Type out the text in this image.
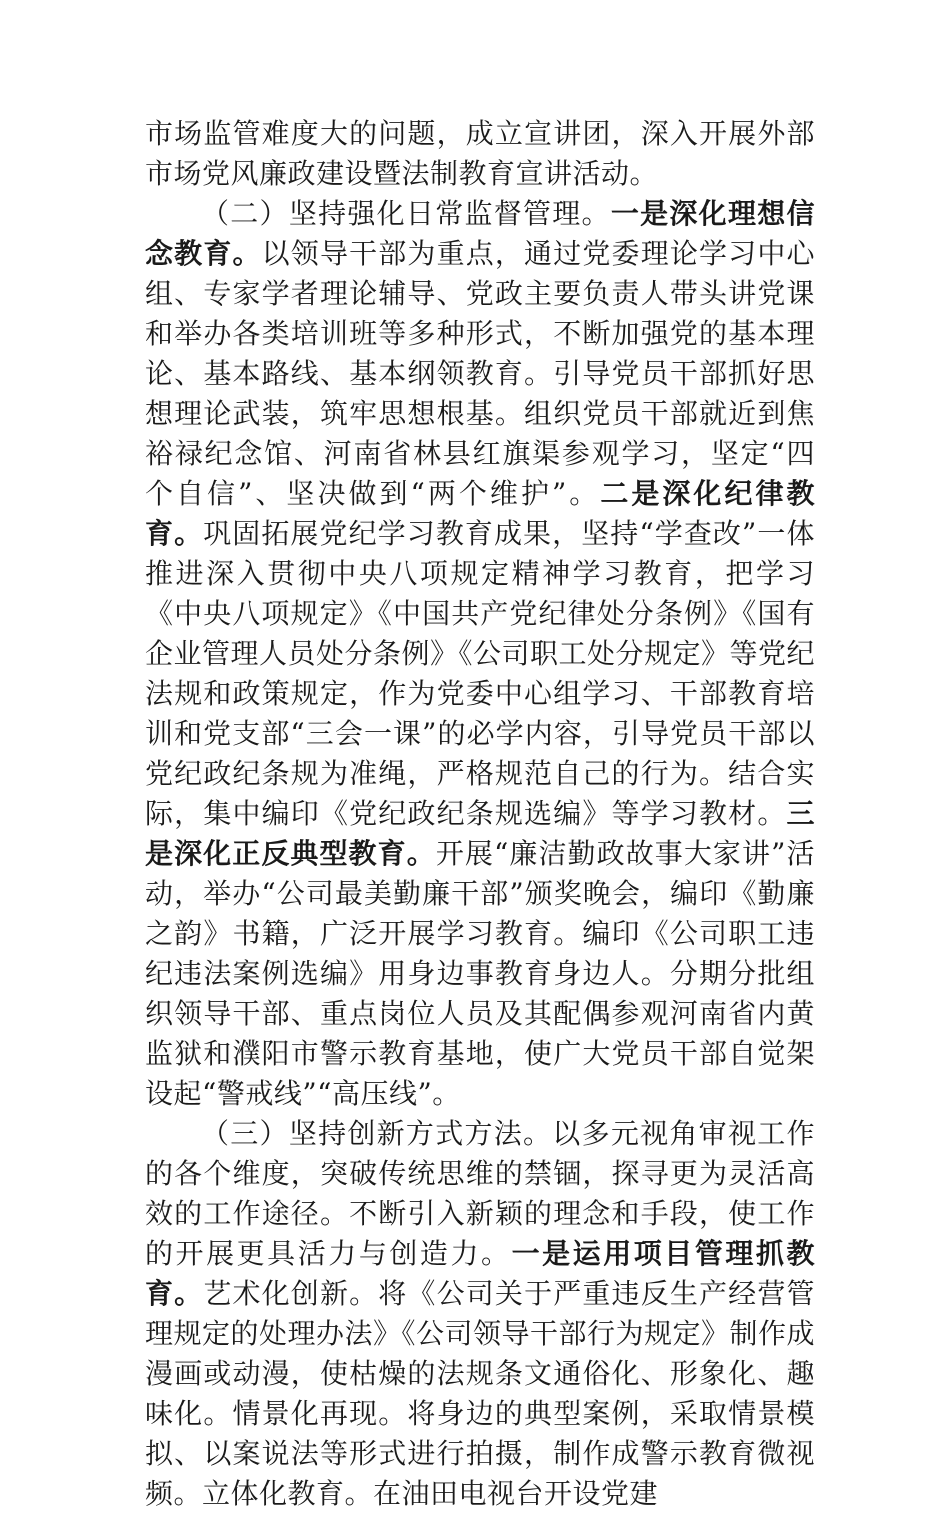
市场监管难度大的问题，成立宣讲团，深入开展外部市场党风廉政建设暨法制教育宣讲活动。

（二）坚持强化日常监督管理。一是深化理想信念教育。以领导干部为重点，通过党委理论学习中心组、专家学者理论辅导、党政主要负责人带头讲党课和举办各类培训班等多种形式，不断加强党的基本理论、基本路线、基本纲领教育。引导党员干部抓好思想理论武装，筑牢思想根基。组织党员干部就近到焦裕禄纪念馆、河南省林县红旗渠参观学习，坚定“四个自信”、坚决做到“两个维护”。二是深化纪律教育。巩固拓展党纪学习教育成果，坚持“学查改”一体推进深入贯彻中央八项规定精神学习教育，把学习《中央八项规定》《中国共产党纪律处分条例》《国有企业管理人员处分条例》《公司职工处分规定》等党纪法规和政策规定，作为党委中心组学习、干部教育培训和党支部“三会一课”的必学内容，引导党员干部以党纪政纪条规为准绳，严格规范自己的行为。结合实际，集中编印《党纪政纪条规选编》等学习教材。三是深化正反典型教育。开展“廉洁勤政故事大家讲”活动，举办“公司最美勤廉干部”颁奖晚会，编印《勤廉之韵》书籍，广泛开展学习教育。编印《公司职工违纪违法案例选编》用身边事教育身边人。分期分批组织领导干部、重点岗位人员及其配偶参观河南省内黄监狱和濮阳市警示教育基地，使广大党员干部自觉架设起“警戒线”“高压线”。

（三）坚持创新方式方法。以多元视角审视工作的各个维度，突破传统思维的禁锢，探寻更为灵活高效的工作途径。不断引入新颖的理念和手段，使工作的开展更具活力与创造力。一是运用项目管理抓教育。艺术化创新。将《公司关于严重违反生产经营管理规定的处理办法》《公司领导干部行为规定》制作成漫画或动漫，使枯燥的法规条文通俗化、形象化、趣味化。情景化再现。将身边的典型案例，采取情景模拟、以案说法等形式进行拍摄，制作成警示教育微视频。立体化教育。在油田电视台开设党建
